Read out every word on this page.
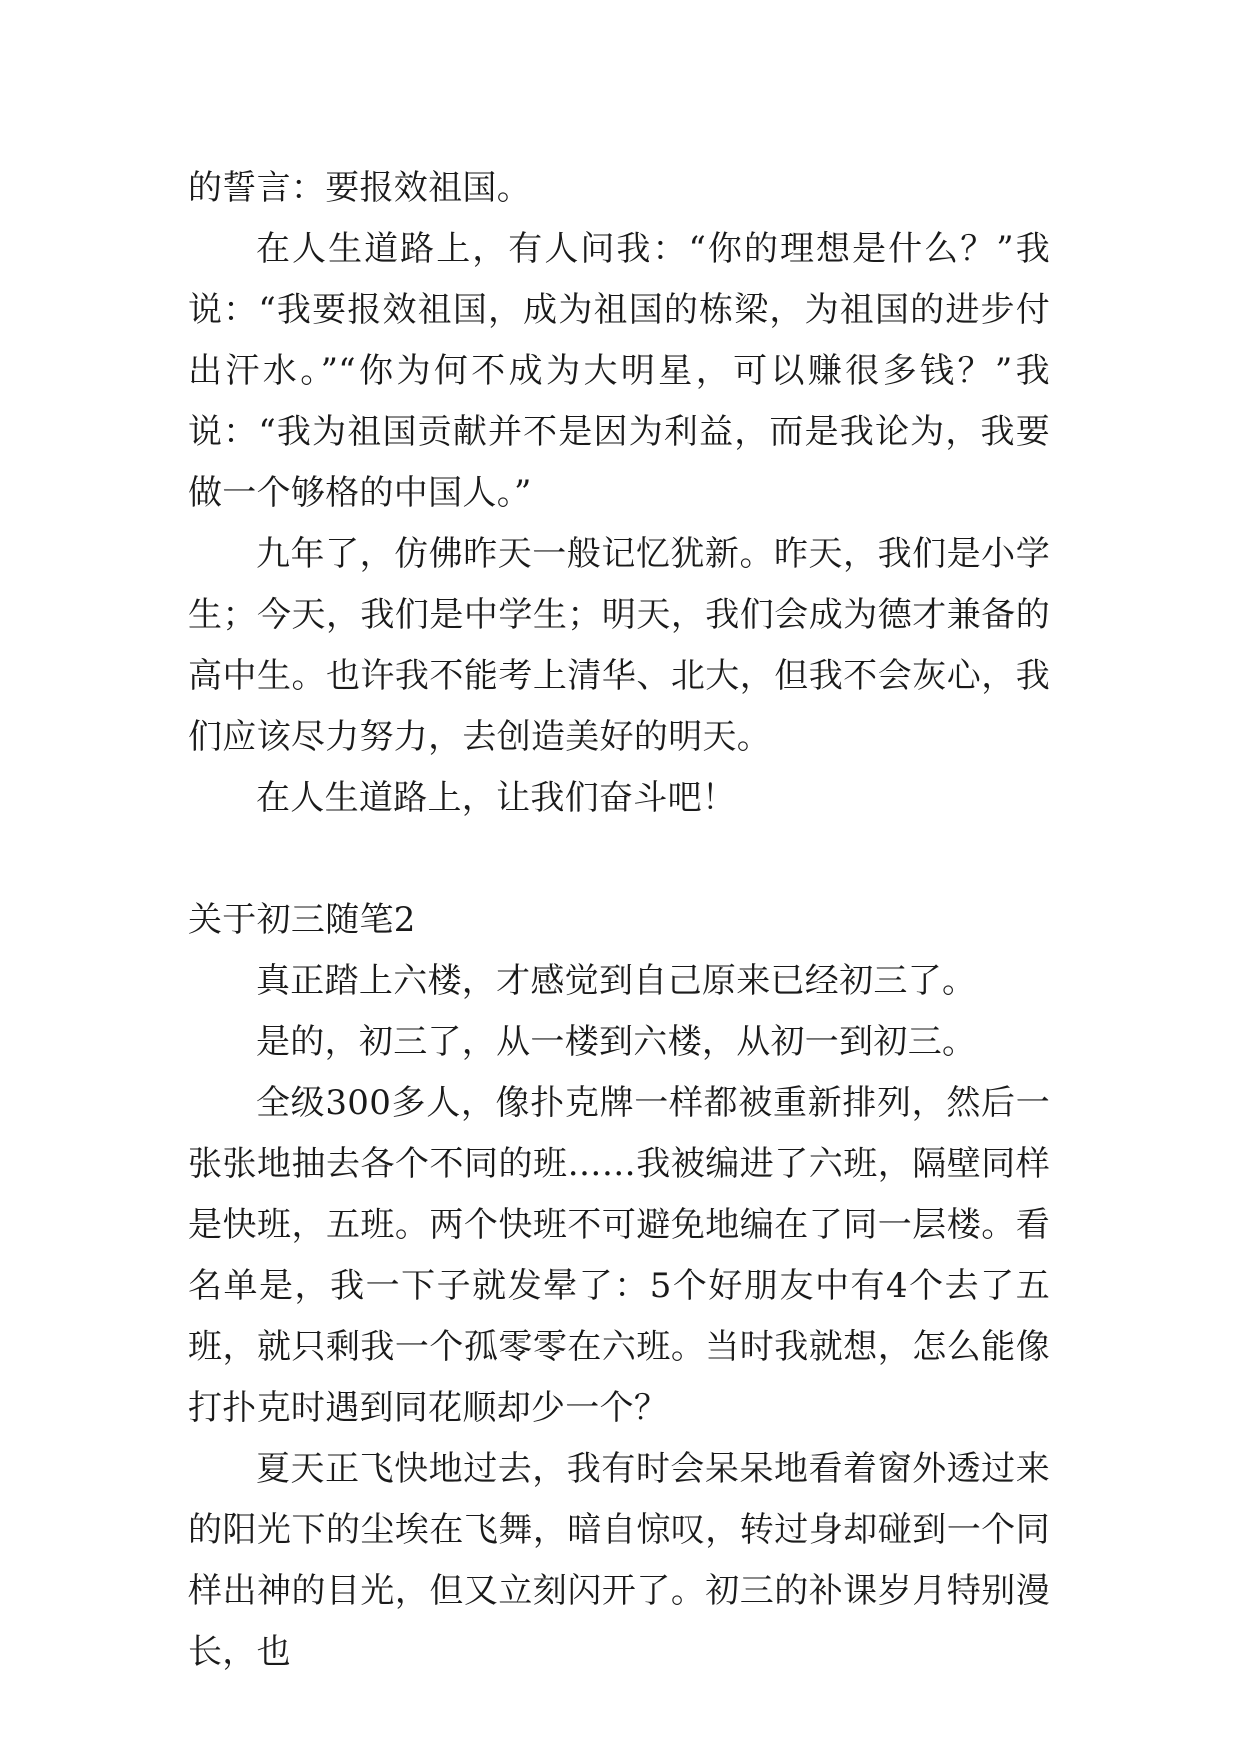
的誓言：要报效祖国。

在人生道路上，有人问我：“你的理想是什么？”我说：“我要报效祖国，成为祖国的栋梁，为祖国的进步付出汗水。”“你为何不成为大明星，可以赚很多钱？”我说：“我为祖国贡献并不是因为利益，而是我论为，我要做一个够格的中国人。”

九年了，仿佛昨天一般记忆犹新。昨天，我们是小学生；今天，我们是中学生；明天，我们会成为德才兼备的高中生。也许我不能考上清华、北大，但我不会灰心，我们应该尽力努力，去创造美好的明天。

在人生道路上，让我们奋斗吧！

关于初三随笔2

真正踏上六楼，才感觉到自己原来已经初三了。

是的，初三了，从一楼到六楼，从初一到初三。

全级300多人，像扑克牌一样都被重新排列，然后一张张地抽去各个不同的班……我被编进了六班，隔壁同样是快班，五班。两个快班不可避免地编在了同一层楼。看名单是，我一下子就发晕了：5个好朋友中有4个去了五班，就只剩我一个孤零零在六班。当时我就想，怎么能像打扑克时遇到同花顺却少一个？

夏天正飞快地过去，我有时会呆呆地看着窗外透过来的阳光下的尘埃在飞舞，暗自惊叹，转过身却碰到一个同样出神的目光，但又立刻闪开了。初三的补课岁月特别漫长，也
